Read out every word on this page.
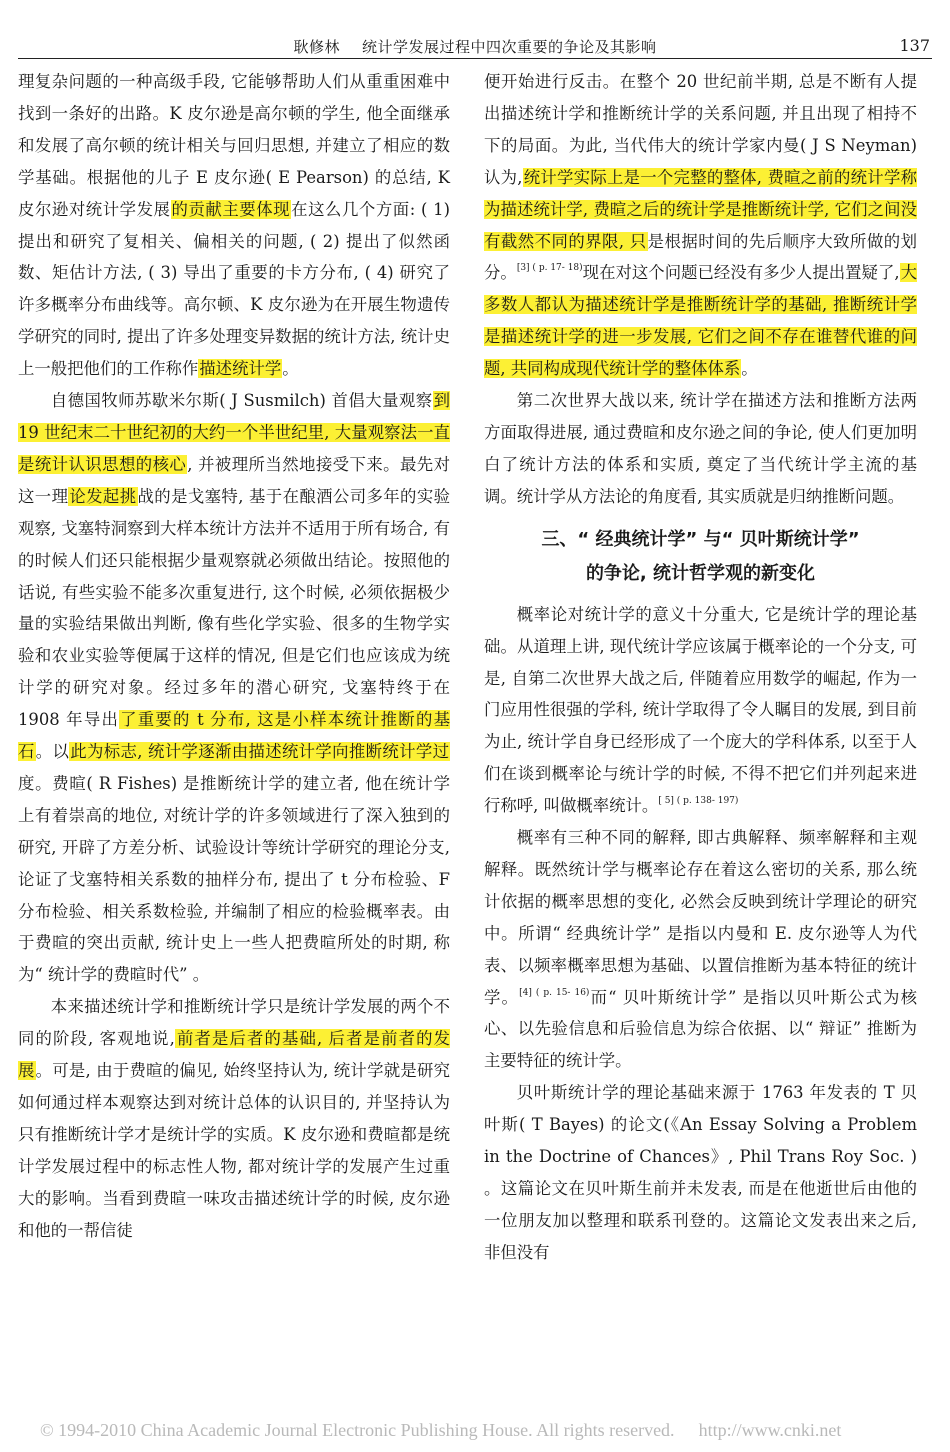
耿修林 统计学发展过程中四次重要的争论及其影响	137

理复杂问题的一种高级手段, 它能够帮助人们从重重困难中找到一条好的出路。K 皮尔逊是高尔顿的学生, 他全面继承和发展了高尔顿的统计相关与回归思想, 并建立了相应的数学基础。根据他的儿子 E 皮尔逊( E Pearson) 的总结, K 皮尔逊对统计学发展的贡献主要体现在这么几个方面: ( 1) 提出和研究了复相关、偏相关的问题, ( 2) 提出了似然函数、矩估计方法, ( 3) 导出了重要的卡方分布, ( 4) 研究了许多概率分布曲线等。高尔顿、K 皮尔逊为在开展生物遗传学研究的同时, 提出了许多处理变异数据的统计方法, 统计史上一般把他们的工作称作描述统计学。

自德国牧师苏歇米尔斯( J Susmilch) 首倡大量观察到 19 世纪末二十世纪初的大约一个半世纪里, 大量观察法一直是统计认识思想的核心, 并被理所当然地接受下来。最先对这一理论发起挑战的是戈塞特, 基于在酿酒公司多年的实验观察, 戈塞特洞察到大样本统计方法并不适用于所有场合, 有的时候人们还只能根据少量观察就必须做出结论。按照他的话说, 有些实验不能多次重复进行, 这个时候, 必须依据极少量的实验结果做出判断, 像有些化学实验、很多的生物学实验和农业实验等便属于这样的情况, 但是它们也应该成为统计学的研究对象。经过多年的潜心研究, 戈塞特终于在 1908 年导出了重要的 t 分布, 这是小样本统计推断的基石。以此为标志, 统计学逐渐由描述统计学向推断统计学过度。费暄( R Fishes) 是推断统计学的建立者, 他在统计学上有着崇高的地位, 对统计学的许多领域进行了深入独到的研究, 开辟了方差分析、试验设计等统计学研究的理论分支, 论证了戈塞特相关系数的抽样分布, 提出了 t 分布检验、F 分布检验、相关系数检验, 并编制了相应的检验概率表。由于费暄的突出贡献, 统计史上一些人把费暄所处的时期, 称为“ 统计学的费暄时代” 。

本来描述统计学和推断统计学只是统计学发展的两个不同的阶段, 客观地说,前者是后者的基础, 后者是前者的发展。可是, 由于费暄的偏见, 始终坚持认为, 统计学就是研究如何通过样本观察达到对统计总体的认识目的, 并坚持认为只有推断统计学才是统计学的实质。K 皮尔逊和费暄都是统计学发展过程中的标志性人物, 都对统计学的发展产生过重大的影响。当看到费暄一味攻击描述统计学的时候, 皮尔逊和他的一帮信徒

便开始进行反击。在整个 20 世纪前半期, 总是不断有人提出描述统计学和推断统计学的关系问题, 并且出现了相持不下的局面。为此, 当代伟大的统计学家内曼( J S Neyman) 认为,统计学实际上是一个完整的整体, 费暄之前的统计学称为描述统计学, 费暄之后的统计学是推断统计学, 它们之间没有截然不同的界限, 只是根据时间的先后顺序大致所做的划分。$^{[3] ( p. 17- 18)}$现在对这个问题已经没有多少人提出置疑了,大多数人都认为描述统计学是推断统计学的基础, 推断统计学是描述统计学的进一步发展, 它们之间不存在谁替代谁的问题, 共同构成现代统计学的整体体系。

第二次世界大战以来, 统计学在描述方法和推断方法两方面取得进展, 通过费暄和皮尔逊之间的争论, 使人们更加明白了统计方法的体系和实质, 奠定了当代统计学主流的基调。统计学从方法论的角度看, 其实质就是归纳推断问题。

三、“ 经典统计学” 与“ 贝叶斯统计学”
的争论, 统计哲学观的新变化

概率论对统计学的意义十分重大, 它是统计学的理论基础。从道理上讲, 现代统计学应该属于概率论的一个分支, 可是, 自第二次世界大战之后, 伴随着应用数学的崛起, 作为一门应用性很强的学科, 统计学取得了令人瞩目的发展, 到目前为止, 统计学自身已经形成了一个庞大的学科体系, 以至于人们在谈到概率论与统计学的时候, 不得不把它们并列起来进行称呼, 叫做概率统计。$^{[ 5] ( p. 138- 197)}$

概率有三种不同的解释, 即古典解释、频率解释和主观解释。既然统计学与概率论存在着这么密切的关系, 那么统计依据的概率思想的变化, 必然会反映到统计学理论的研究中。所谓“ 经典统计学” 是指以内曼和 E. 皮尔逊等人为代表、以频率概率思想为基础、以置信推断为基本特征的统计学。$^{[4] ( p. 15- 16)}$而“ 贝叶斯统计学” 是指以贝叶斯公式为核心、以先验信息和后验信息为综合依据、以“ 辩证” 推断为主要特征的统计学。

贝叶斯统计学的理论基础来源于 1763 年发表的 T 贝叶斯( T Bayes) 的论文(《An Essay Solving a Problem in the Doctrine of Chances》, Phil Trans Roy Soc. ) 。这篇论文在贝叶斯生前并未发表, 而是在他逝世后由他的一位朋友加以整理和联系刊登的。这篇论文发表出来之后, 非但没有

© 1994-2010 China Academic Journal Electronic Publishing House. All rights reserved. http://www.cnki.net
